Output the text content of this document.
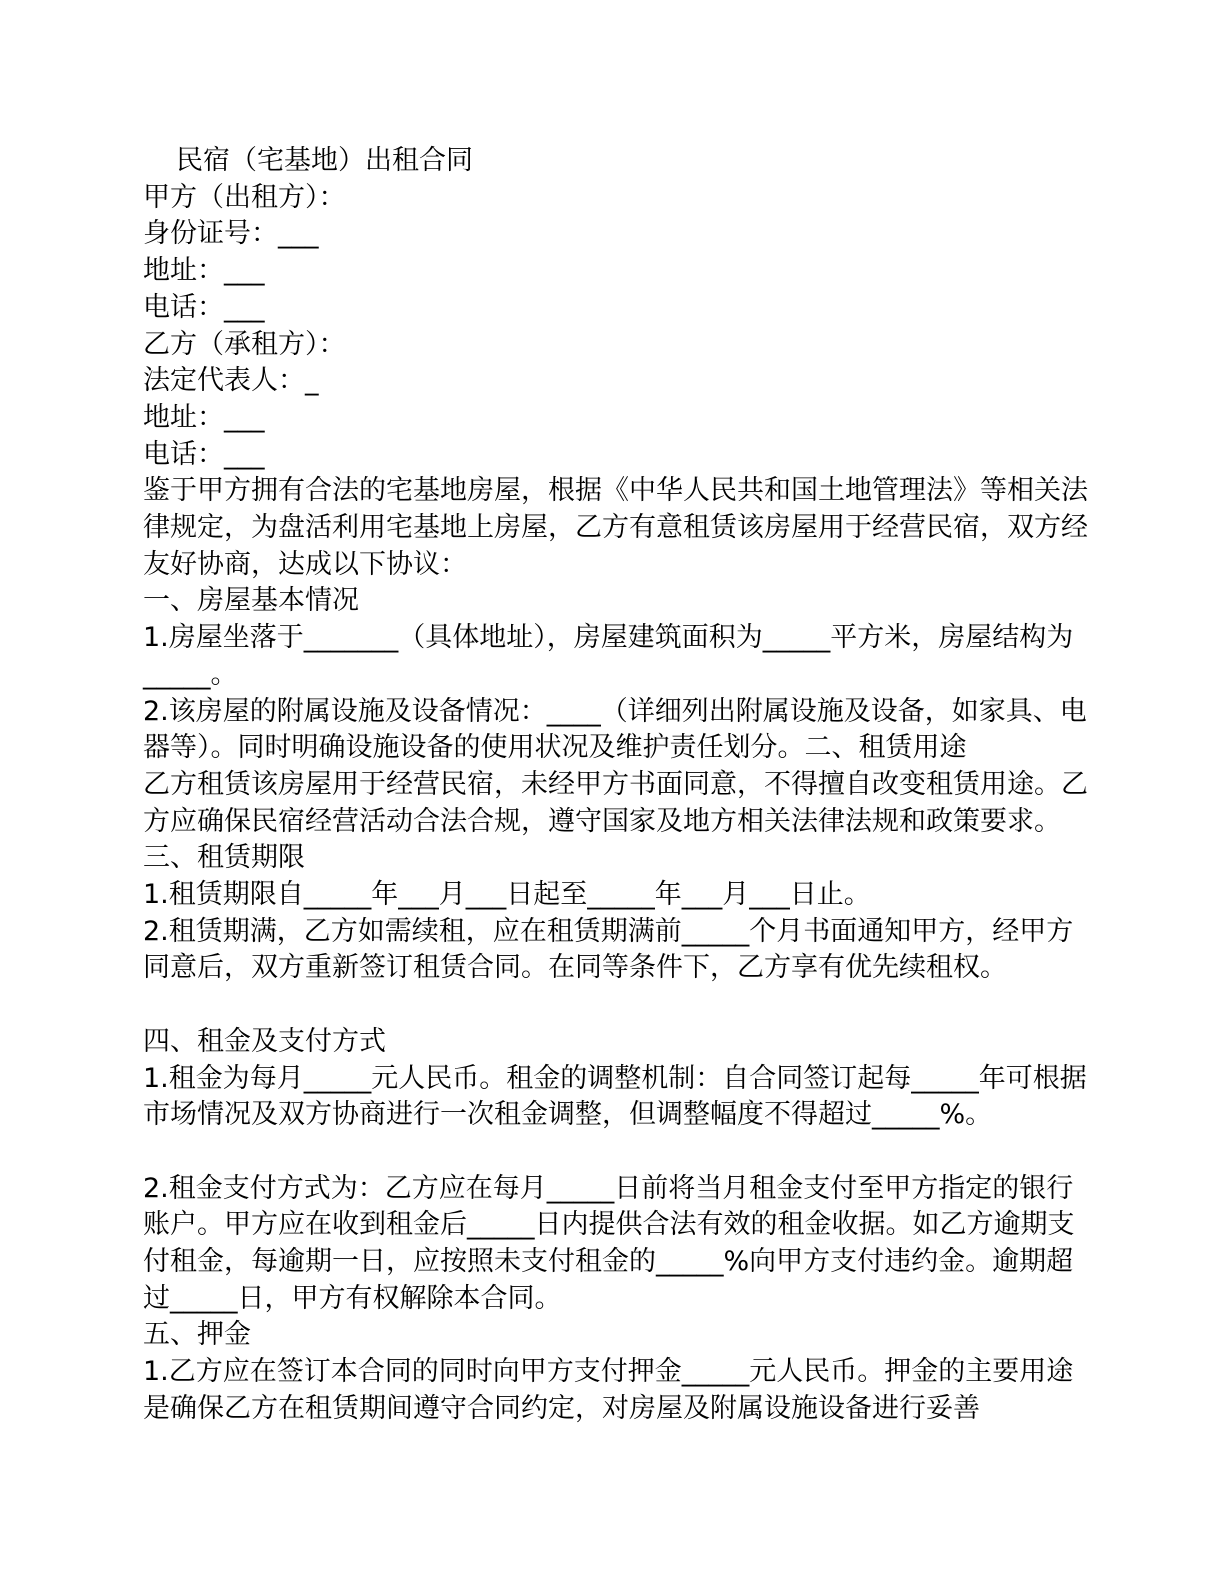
民宿（宅基地）出租合同

甲方（出租方）：

身份证号：___

地址：___

电话：___

乙方（承租方）：

法定代表人：_

地址：___

电话：___

鉴于甲方拥有合法的宅基地房屋，根据《中华人民共和国土地管理法》等相关法律规定，为盘活利用宅基地上房屋，乙方有意租赁该房屋用于经营民宿，双方经友好协商，达成以下协议：

一、房屋基本情况

1.房屋坐落于_______（具体地址），房屋建筑面积为_____平方米，房屋结构为_____。

2.该房屋的附属设施及设备情况：____（详细列出附属设施及设备，如家具、电器等）。同时明确设施设备的使用状况及维护责任划分。二、租赁用途

乙方租赁该房屋用于经营民宿，未经甲方书面同意，不得擅自改变租赁用途。乙方应确保民宿经营活动合法合规，遵守国家及地方相关法律法规和政策要求。三、租赁期限

1.租赁期限自_____年___月___日起至_____年___月___日止。

2.租赁期满，乙方如需续租，应在租赁期满前_____个月书面通知甲方，经甲方同意后，双方重新签订租赁合同。在同等条件下，乙方享有优先续租权。

四、租金及支付方式

1.租金为每月_____元人民币。租金的调整机制：自合同签订起每_____年可根据市场情况及双方协商进行一次租金调整，但调整幅度不得超过_____%。

2.租金支付方式为：乙方应在每月_____日前将当月租金支付至甲方指定的银行账户。甲方应在收到租金后_____日内提供合法有效的租金收据。如乙方逾期支付租金，每逾期一日，应按照未支付租金的_____%向甲方支付违约金。逾期超过_____日，甲方有权解除本合同。

五、押金

1.乙方应在签订本合同的同时向甲方支付押金_____元人民币。押金的主要用途是确保乙方在租赁期间遵守合同约定，对房屋及附属设施设备进行妥善
